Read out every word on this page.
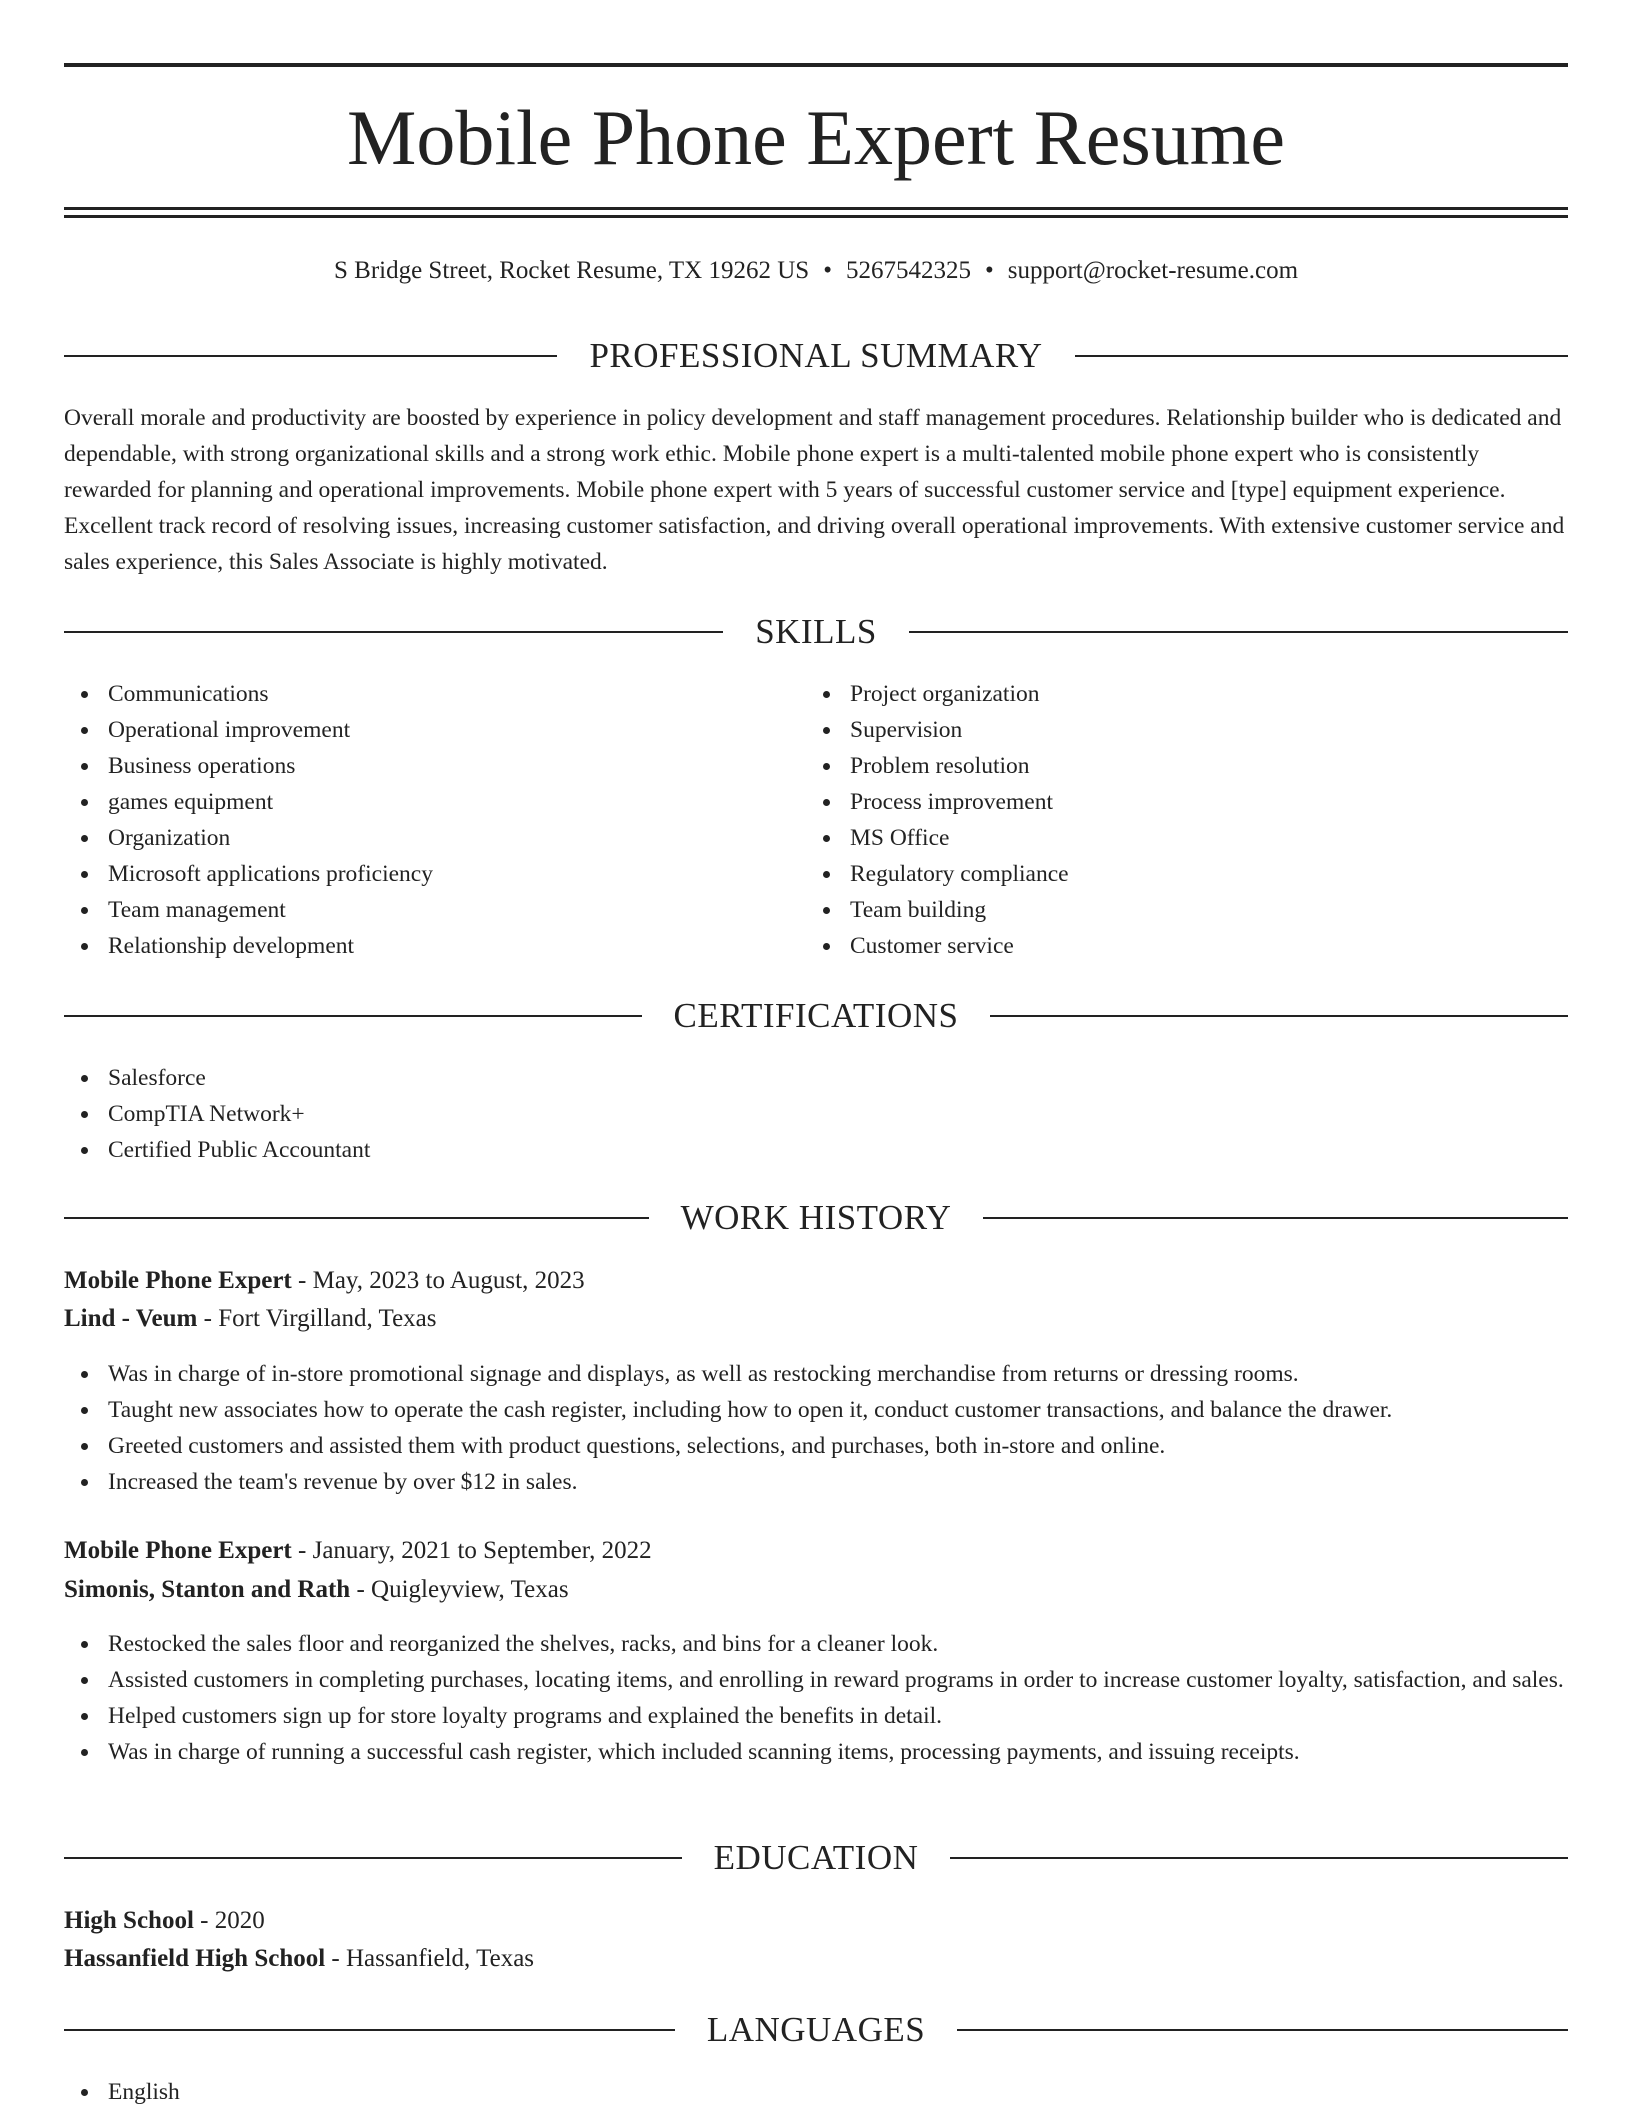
Mobile Phone Expert Resume
S Bridge Street, Rocket Resume, TX 19262 US • 5267542325 • support@rocket-resume.com
PROFESSIONAL SUMMARY

Overall morale and productivity are boosted by experience in policy development and staff management procedures. Relationship builder who is dedicated and dependable, with strong organizational skills and a strong work ethic. Mobile phone expert is a multi-talented mobile phone expert who is consistently rewarded for planning and operational improvements. Mobile phone expert with 5 years of successful customer service and [type] equipment experience. Excellent track record of resolving issues, increasing customer satisfaction, and driving overall operational improvements. With extensive customer service and sales experience, this Sales Associate is highly motivated.

SKILLS
Communications
Operational improvement
Business operations
games equipment
Organization
Microsoft applications proficiency
Team management
Relationship development
Project organization
Supervision
Problem resolution
Process improvement
MS Office
Regulatory compliance
Team building
Customer service
CERTIFICATIONS
Salesforce
CompTIA Network+
Certified Public Accountant
WORK HISTORY
Mobile Phone Expert - May, 2023 to August, 2023
Lind - Veum - Fort Virgilland, Texas
Was in charge of in-store promotional signage and displays, as well as restocking merchandise from returns or dressing rooms.
Taught new associates how to operate the cash register, including how to open it, conduct customer transactions, and balance the drawer.
Greeted customers and assisted them with product questions, selections, and purchases, both in-store and online.
Increased the team's revenue by over $12 in sales.
Mobile Phone Expert - January, 2021 to September, 2022
Simonis, Stanton and Rath - Quigleyview, Texas
Restocked the sales floor and reorganized the shelves, racks, and bins for a cleaner look.
Assisted customers in completing purchases, locating items, and enrolling in reward programs in order to increase customer loyalty, satisfaction, and sales.
Helped customers sign up for store loyalty programs and explained the benefits in detail.
Was in charge of running a successful cash register, which included scanning items, processing payments, and issuing receipts.
EDUCATION
High School - 2020
Hassanfield High School - Hassanfield, Texas
LANGUAGES
English
